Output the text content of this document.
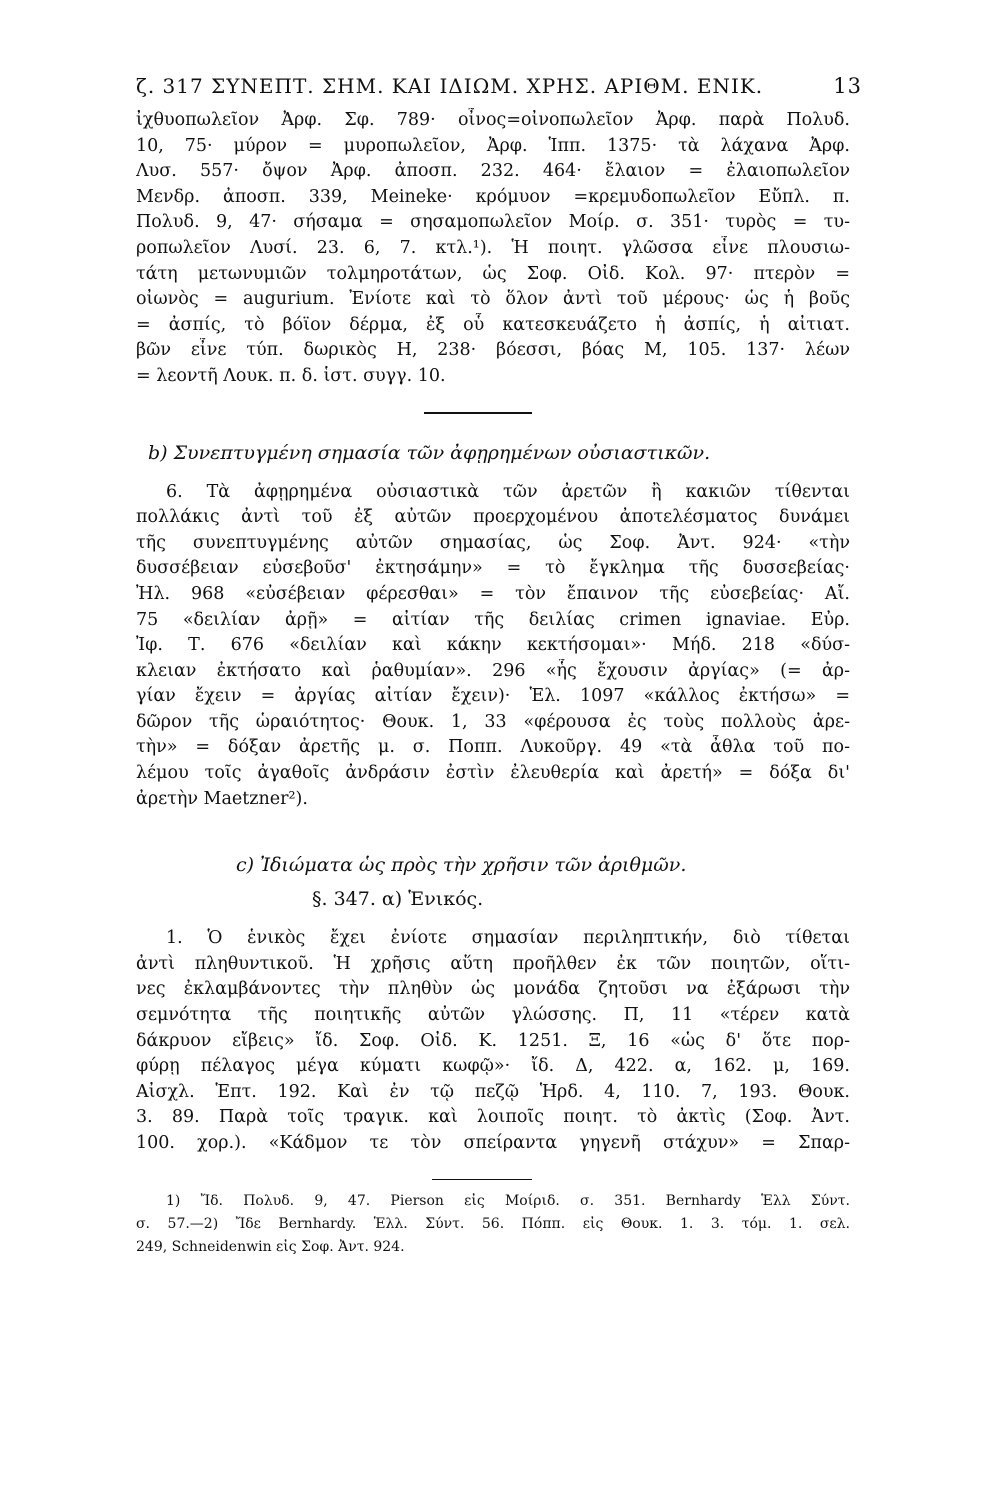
ζ. 317 ΣΥΝΕΠΤ. ΣΗΜ. ΚΑΙ ΙΔΙΩΜ. ΧΡΗΣ. ΑΡΙΘΜ. ΕΝΙΚ.	13
ἰχθυοπωλεῖον Ἀρφ. Σφ. 789· οἶνος=οἰνοπωλεῖον Ἀρφ. παρὰ Πολυδ.
10, 75· μύρον = μυροπωλεῖον, Ἀρφ. Ἱππ. 1375· τὰ λάχανα Ἀρφ.
Λυσ. 557· ὄψον Ἀρφ. ἀποσπ. 232. 464· ἔλαιον = ἐλαιοπωλεῖον
Μενδρ. ἀποσπ. 339, Meineke· κρόμυον =κρεμυδοπωλεῖον Εὔπλ. π.
Πολυδ. 9, 47· σήσαμα = σησαμοπωλεῖον Μοίρ. σ. 351· τυρὸς = τυ-
ροπωλεῖον Λυσί. 23. 6, 7. κτλ.¹). Ἡ ποιητ. γλῶσσα εἶνε πλουσιω-
τάτη μετωνυμιῶν τολμηροτάτων, ὡς Σοφ. Οἰδ. Κολ. 97· πτερὸν =
οἰωνὸς = augurium. Ἐνίοτε καὶ τὸ ὅλον ἀντὶ τοῦ μέρους· ὡς ἡ βοῦς
= ἀσπίς, τὸ βόϊον δέρμα, ἐξ οὗ κατεσκευάζετο ἡ ἀσπίς, ἡ αἰτιατ.
βῶν εἶνε τύπ. δωρικὸς Η, 238· βόεσσι, βόας Μ, 105. 137· λέων
= λεοντῆ Λουκ. π. δ. ἱστ. συγγ. 10.
b) Συνεπτυγμένη σημασία τῶν ἀφῃρημένων οὐσιαστικῶν.
6. Τὰ ἀφῃρημένα οὐσιαστικὰ τῶν ἀρετῶν ἢ κακιῶν τίθενται
πολλάκις ἀντὶ τοῦ ἐξ αὐτῶν προερχομένου ἀποτελέσματος δυνάμει
τῆς συνεπτυγμένης αὐτῶν σημασίας, ὡς Σοφ. Ἀντ. 924· «τὴν
δυσσέβειαν εὐσεβοῦσ' ἐκτησάμην» = τὸ ἔγκλημα τῆς δυσσεβείας·
Ἠλ. 968 «εὐσέβειαν φέρεσθαι» = τὸν ἔπαινον τῆς εὐσεβείας· Αἴ.
75 «δειλίαν ἀρῇ» = αἰτίαν τῆς δειλίας crimen ignaviae. Εὐρ.
Ἰφ. Τ. 676 «δειλίαν καὶ κάκην κεκτήσομαι»· Μήδ. 218 «δύσ-
κλειαν ἐκτήσατο καὶ ῥαθυμίαν». 296 «ἧς ἔχουσιν ἀργίας» (= ἀρ-
γίαν ἔχειν = ἀργίας αἰτίαν ἔχειν)· Ἑλ. 1097 «κάλλος ἐκτήσω» =
δῶρον τῆς ὡραιότητος· Θουκ. 1, 33 «φέρουσα ἐς τοὺς πολλοὺς ἀρε-
τὴν» = δόξαν ἀρετῆς μ. σ. Ποππ. Λυκοῦργ. 49 «τὰ ἆθλα τοῦ πο-
λέμου τοῖς ἀγαθοῖς ἀνδράσιν ἐστὶν ἐλευθερία καὶ ἀρετή» = δόξα δι'
ἀρετὴν Maetzner²).
c) Ἰδιώματα ὡς πρὸς τὴν χρῆσιν τῶν ἀριθμῶν.
§. 347. α) Ἑνικός.
1. Ὁ ἑνικὸς ἔχει ἐνίοτε σημασίαν περιληπτικήν, διὸ τίθεται
ἀντὶ πληθυντικοῦ. Ἡ χρῆσις αὕτη προῆλθεν ἐκ τῶν ποιητῶν, οἵτι-
νες ἐκλαμβάνοντες τὴν πληθὺν ὡς μονάδα ζητοῦσι να ἐξάρωσι τὴν
σεμνότητα τῆς ποιητικῆς αὐτῶν γλώσσης. Π, 11 «τέρεν κατὰ
δάκρυον εἴβεις» ἴδ. Σοφ. Οἰδ. Κ. 1251. Ξ, 16 «ὡς δ' ὅτε πορ-
φύρῃ πέλαγος μέγα κύματι κωφῷ»· ἴδ. Δ, 422. α, 162. μ, 169.
Αἰσχλ. Ἑπτ. 192. Καὶ ἐν τῷ πεζῷ Ἡρδ. 4, 110. 7, 193. Θουκ.
3. 89. Παρὰ τοῖς τραγικ. καὶ λοιποῖς ποιητ. τὸ ἀκτὶς (Σοφ. Ἀντ.
100. χορ.). «Κάδμον τε τὸν σπείραντα γηγενῆ στάχυν» = Σπαρ-
1) Ἴδ. Πολυδ. 9, 47. Pierson εἰς Μοίριδ. σ. 351. Bernhardy Ἑλλ Σύντ.
σ. 57.—2) Ἴδε Bernhardy. Ἑλλ. Σύντ. 56. Πόππ. εἰς Θουκ. 1. 3. τόμ. 1. σελ.
249, Schneidenwin εἰς Σοφ. Ἀντ. 924.
